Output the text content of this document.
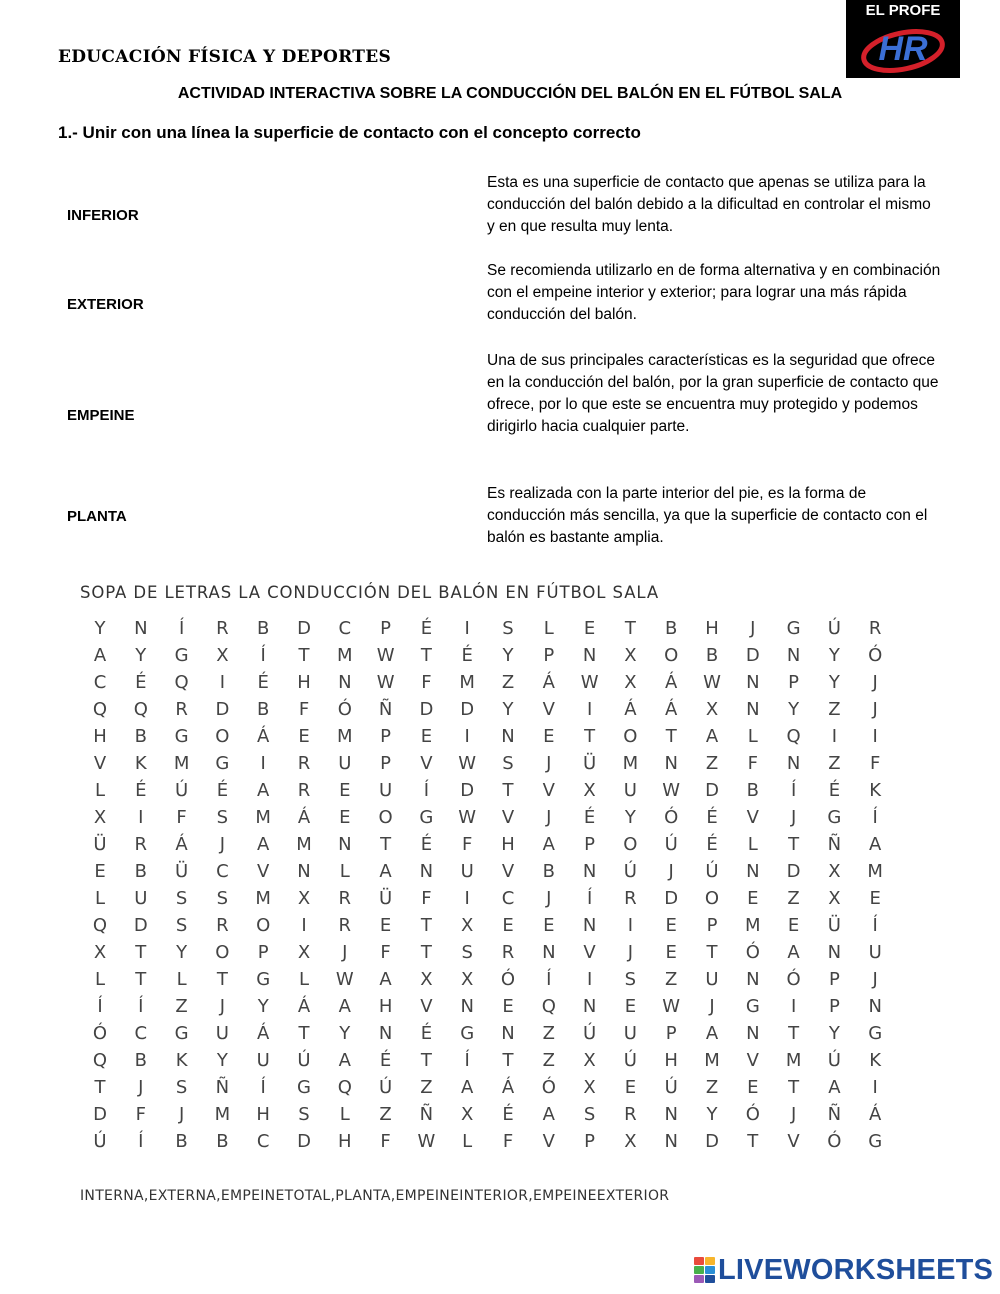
EDUCACIÓN FÍSICA Y DEPORTES
EL PROFE
HR
ACTIVIDAD INTERACTIVA SOBRE LA CONDUCCIÓN DEL BALÓN EN EL FÚTBOL SALA
1.- Unir con una línea la superficie de contacto con el concepto correcto
INFERIOR
EXTERIOR
EMPEINE
PLANTA
Esta es una superficie de contacto que apenas se utiliza para la conducción del balón debido a la dificultad en controlar el mismo y en que resulta muy lenta.
Se recomienda utilizarlo en de forma alternativa y en combinación con el empeine interior y exterior; para lograr una más rápida conducción del balón.
Una de sus principales características es la seguridad que ofrece en la conducción del balón, por la gran superficie de contacto que ofrece, por lo que este se encuentra muy protegido y podemos dirigirlo hacia cualquier parte.
Es realizada con la parte interior del pie, es la forma de conducción más sencilla, ya que la superficie de contacto con el balón es bastante amplia.
SOPA DE LETRAS LA CONDUCCIÓN DEL BALÓN EN FÚTBOL SALA
Y	N	Í	R	B	D	C	P	É	I	S	L	E	T	B	H	J	G	Ú	R
A	Y	G	X	Í	T	M W	T	É	Y	P	N	X	O	B	D N	Y	Ó
C	É	Q	I	É	H N W	F	M	Z	Á	W	X	Á	W N	P	Y	J
Q Q	R	D	B	F	Ó Ñ D D	Y	V	I	Á	Á	X	N	Y	Z	J
H	B	G O	Á	E	M	P	E	I	N	E	T	O	T	A	L	Q	I	I
V	K	M G	I	R	U	P	V	W	S	J	Ü	M N	Z	F	N	Z	F
L	É	Ú	É	A	R	E	U	Í	D	T	V	X	U	W D	B	Í	É	K
X	I	F	S	M	Á	E	O G W	V	J	É	Y	Ó	É	V	J	G	Í
Ü	R	Á	J	A	M N	T	É	F	H	A	P	O	Ú	É	L	T	Ñ	A
E	B	Ü	C	V	N	L	A	N	U	V	B	N	Ú	J	Ú	N D	X	M
L	U	S	S	M	X	R	Ü	F	I	C	J	Í	R	D O	E	Z	X	E
Q D	S	R	O	I	R	E	T	X	E	E	N	I	E	P	M	E	Ü	Í
X	T	Y	O	P	X	J	F	T	S	R	N	V	J	E	T	Ó	A	N	U
L	T	L	T	G	L	W	A	X	X	Ó	Í	I	S	Z	U	N Ó	P	J
Í	Í	Z	J	Y	Á	A	H	V	N	E	Q N	E	W	J	G	I	P	N
Ó	C	G	U	Á	T	Y	N	É	G N	Z	Ú	U	P	A	N	T	Y	G
Q	B	K	Y	U	Ú	A	É	T	Í	T	Z	X	Ú	H M	V	M	Ú	K
T	J	S	Ñ	Í	G Q	Ú	Z	A	Á	Ó	X	E	Ú	Z	E	T	A	I
D	F	J	M H	S	L	Z	Ñ	X	É	A	S	R	N	Y	Ó	J	Ñ	Á
Ú	Í	B	B	C	D H	F	W	L	F	V	P	X	N D	T	V	Ó G
INTERNA,EXTERNA,EMPEINETOTAL,PLANTA,EMPEINEINTERIOR,EMPEINEEXTERIOR
LIVEWORKSHEETS
